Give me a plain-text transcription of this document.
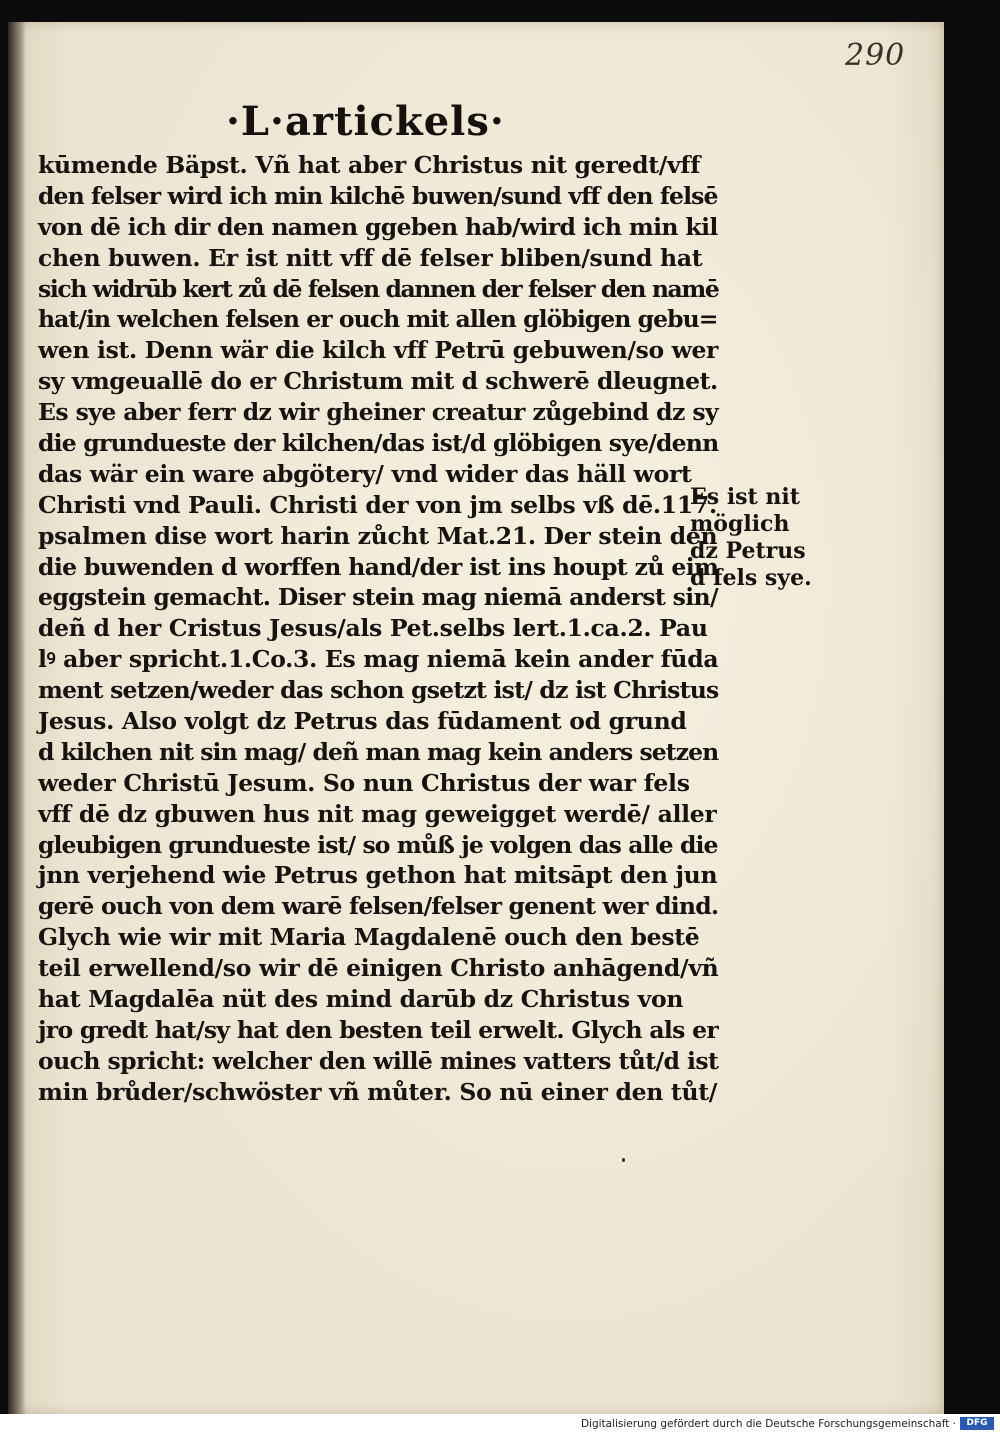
290
·L·artickels·
kūmende Bäpst. Vñ hat aber Christus nit geredt/vff
den felser wird ich min kilchē buwen/sund vff den felsē
von dē ich dir den namen ggeben hab/wird ich min kil
chen buwen. Er ist nitt vff dē felser bliben/sund hat
sich widrūb kert zů dē felsen dannen der felser den namē
hat/in welchen felsen er ouch mit allen glöbigen gebu=
wen ist. Denn wär die kilch vff Petrū gebuwen/so wer
sy vmgeuallē do er Christum mit d schwerē dleugnet.
Es sye aber ferr dz wir gheiner creatur zůgebind dz sy
die grundueste der kilchen/das ist/d glöbigen sye/denn
das wär ein ware abgötery/ vnd wider das häll wort
Christi vnd Pauli. Christi der von jm selbs vß dē.117.
psalmen dise wort harin zůcht Mat.21. Der stein den
die buwenden d worffen hand/der ist ins houpt zů eim
eggstein gemacht. Diser stein mag niemā anderst sin/
deñ d her Cristus Jesus/als Pet.selbs lert.1.ca.2. Pau
lꝰ aber spricht.1.Co.3. Es mag niemā kein ander fūda
ment setzen/weder das schon gsetzt ist/ dz ist Christus
Jesus. Also volgt dz Petrus das fūdament od grund
d kilchen nit sin mag/ deñ man mag kein anders setzen
weder Christū Jesum. So nun Christus der war fels
vff dē dz gbuwen hus nit mag geweigget werdē/ aller
gleubigen grundueste ist/ so můß je volgen das alle die
jnn verjehend wie Petrus gethon hat mitsāpt den jun
gerē ouch von dem warē felsen/felser genent wer dind.
Glych wie wir mit Maria Magdalenē ouch den bestē
teil erwellend/so wir dē einigen Christo anhāgend/vñ
hat Magdalēa nüt des mind darūb dz Christus von
jro gredt hat/sy hat den besten teil erwelt. Glych als er
ouch spricht: welcher den willē mines vatters tůt/d ist
min brůder/schwöster vñ můter. So nū einer den tůt/
Es ist nit
möglich
dz Petrus
d fels sye.
Digitalisierung gefördert durch die Deutsche Forschungsgemeinschaft ·	DFG
